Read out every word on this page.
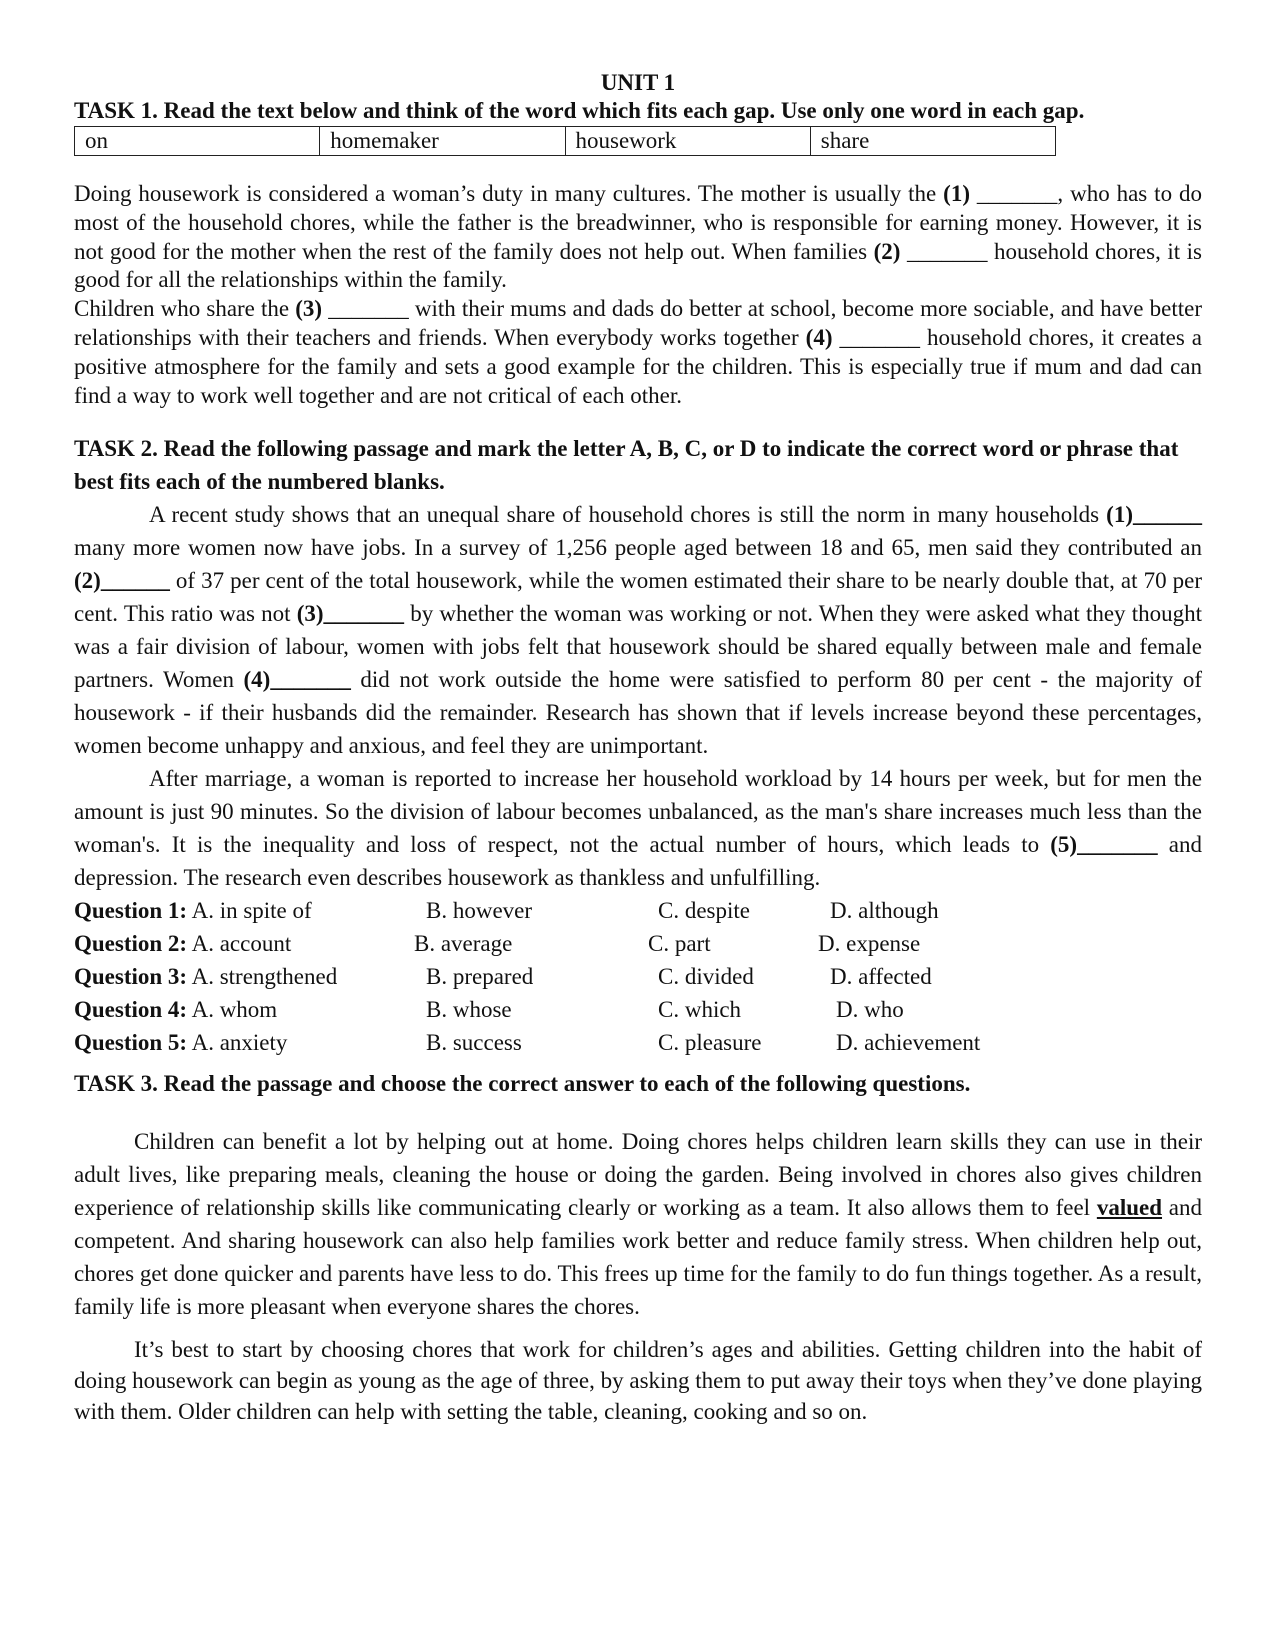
UNIT 1

TASK 1. Read the text below and think of the word which fits each gap. Use only one word in each gap.

on	homemaker	housework	share

Doing housework is considered a woman’s duty in many cultures. The mother is usually the (1) _______, who has to do most of the household chores, while the father is the breadwinner, who is responsible for earning money. However, it is not good for the mother when the rest of the family does not help out. When families (2) _______ household chores, it is good for all the relationships within the family.

Children who share the (3) _______ with their mums and dads do better at school, become more sociable, and have better relationships with their teachers and friends. When everybody works together (4) _______ household chores, it creates a positive atmosphere for the family and sets a good example for the children. This is especially true if mum and dad can find a way to work well together and are not critical of each other.

TASK 2. Read the following passage and mark the letter A, B, C, or D to indicate the correct word or phrase that best fits each of the numbered blanks.

A recent study shows that an unequal share of household chores is still the norm in many households (1)______ many more women now have jobs. In a survey of 1,256 people aged between 18 and 65, men said they contributed an (2)______ of 37 per cent of the total housework, while the women estimated their share to be nearly double that, at 70 per cent. This ratio was not (3)_______ by whether the woman was working or not. When they were asked what they thought was a fair division of labour, women with jobs felt that housework should be shared equally between male and female partners. Women (4)_______ did not work outside the home were satisfied to perform 80 per cent - the majority of housework - if their husbands did the remainder. Research has shown that if levels increase beyond these percentages, women become unhappy and anxious, and feel they are unimportant.

After marriage, a woman is reported to increase her household workload by 14 hours per week, but for men the amount is just 90 minutes. So the division of labour becomes unbalanced, as the man's share increases much less than the woman's. It is the inequality and loss of respect, not the actual number of hours, which leads to (5)_______ and depression. The research even describes housework as thankless and unfulfilling.

Question 1: A. in spite of	B. however	C. despite	D. although
Question 2: A. account	B. average	C. part	D. expense
Question 3: A. strengthened	B. prepared	C. divided	D. affected
Question 4: A. whom	B. whose	C. which	D. who
Question 5: A. anxiety	B. success	C. pleasure	D. achievement

TASK 3. Read the passage and choose the correct answer to each of the following questions.

Children can benefit a lot by helping out at home. Doing chores helps children learn skills they can use in their adult lives, like preparing meals, cleaning the house or doing the garden. Being involved in chores also gives children experience of relationship skills like communicating clearly or working as a team. It also allows them to feel valued and competent. And sharing housework can also help families work better and reduce family stress. When children help out, chores get done quicker and parents have less to do. This frees up time for the family to do fun things together. As a result, family life is more pleasant when everyone shares the chores.

It’s best to start by choosing chores that work for children’s ages and abilities. Getting children into the habit of doing housework can begin as young as the age of three, by asking them to put away their toys when they’ve done playing with them. Older children can help with setting the table, cleaning, cooking and so on.
